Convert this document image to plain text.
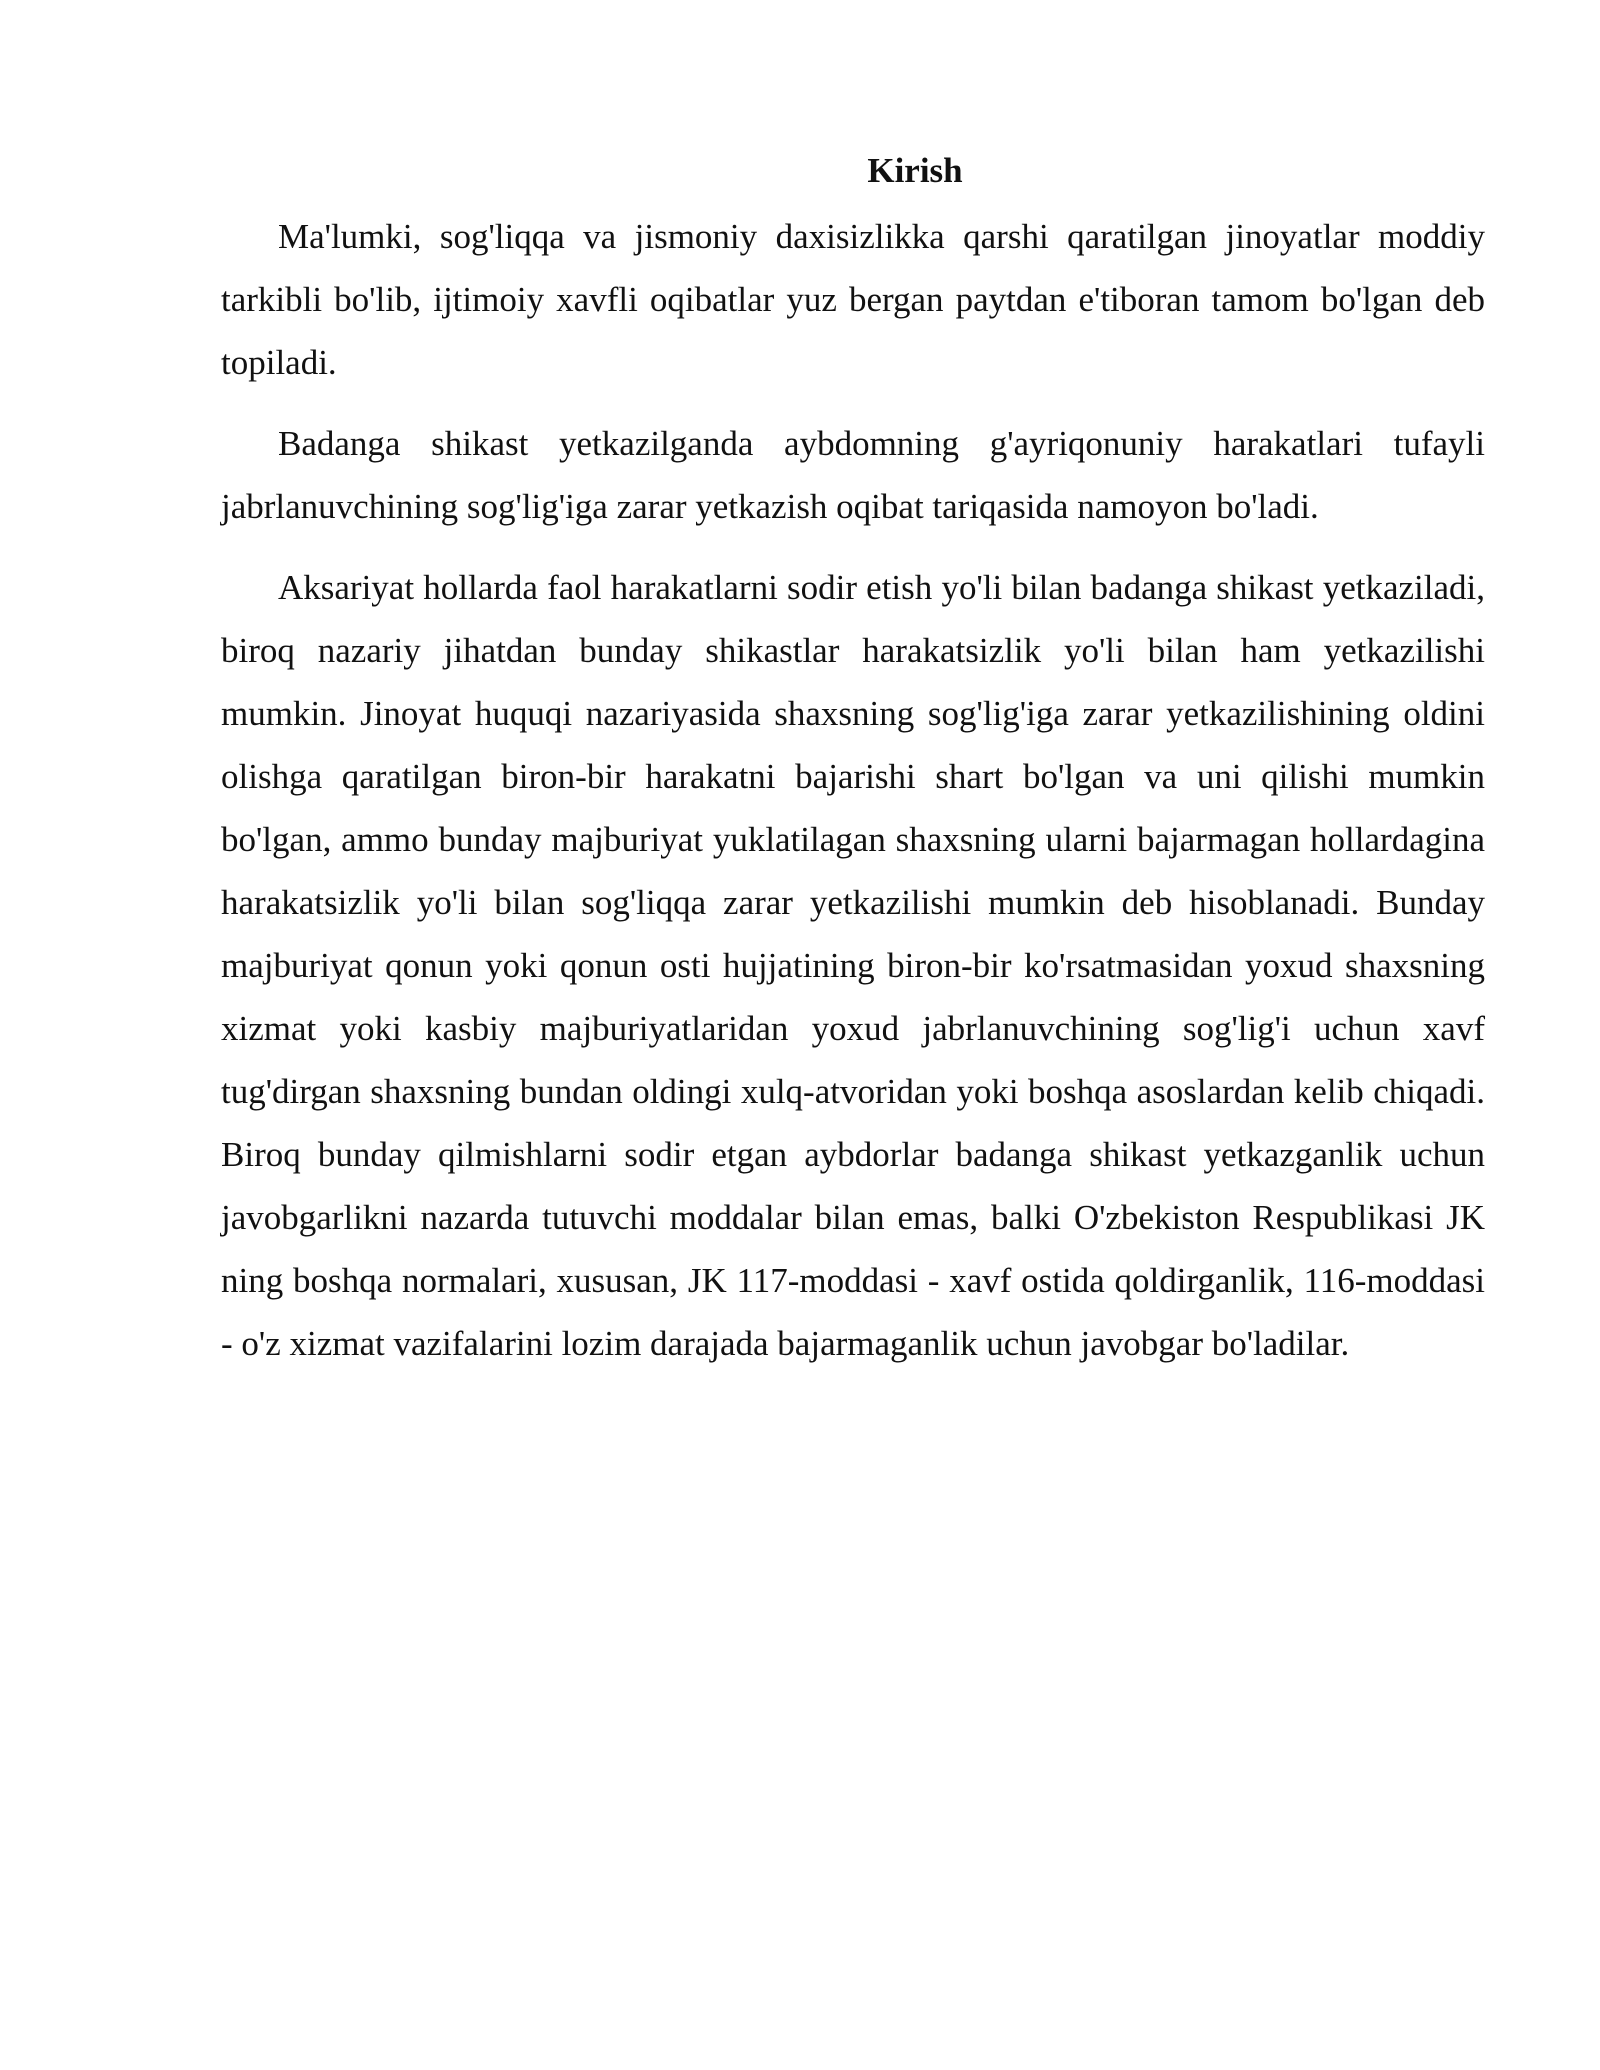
Kirish

Ma'lumki, sog'liqqa va jismoniy daxisizlikka qarshi qaratilgan jinoyatlar moddiy tarkibli bo'lib, ijtimoiy xavfli oqibatlar yuz bergan paytdan e'tiboran tamom bo'lgan deb topiladi.

Badanga shikast yetkazilganda aybdomning g'ayriqonuniy harakatlari tufayli jabrlanuvchining sog'lig'iga zarar yetkazish oqibat tariqasida namoyon bo'ladi.

Aksariyat hollarda faol harakatlarni sodir etish yo'li bilan badanga shikast yetkaziladi, biroq nazariy jihatdan bunday shikastlar harakatsizlik yo'li bilan ham yetkazilishi mumkin. Jinoyat huquqi nazariyasida shaxsning sog'lig'iga zarar yetkazilishining oldini olishga qaratilgan biron-bir harakatni bajarishi shart bo'lgan va uni qilishi mumkin bo'lgan, ammo bunday majburiyat yuklatilagan shaxsning ularni bajarmagan hollardagina harakatsizlik yo'li bilan sog'liqqa zarar yetkazilishi mumkin deb hisoblanadi. Bunday majburiyat qonun yoki qonun osti hujjatining biron-bir ko'rsatmasidan yoxud shaxsning xizmat yoki kasbiy majburiyatlaridan yoxud jabrlanuvchining sog'lig'i uchun xavf tug'dirgan shaxsning bundan oldingi xulq-atvoridan yoki boshqa asoslardan kelib chiqadi. Biroq bunday qilmishlarni sodir etgan aybdorlar badanga shikast yetkazganlik uchun javobgarlikni nazarda tutuvchi moddalar bilan emas, balki O'zbekiston Respublikasi JK ning boshqa normalari, xususan, JK 117-moddasi - xavf ostida qoldirganlik, 116-moddasi - o'z xizmat vazifalarini lozim darajada bajarmaganlik uchun javobgar bo'ladilar.
